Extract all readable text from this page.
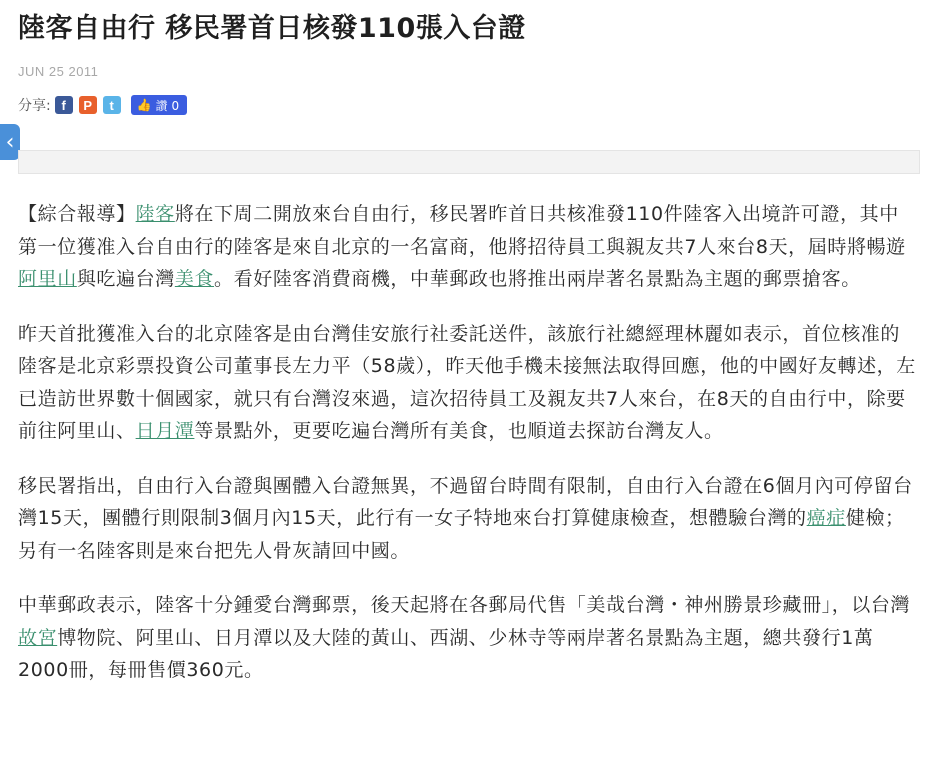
陸客自由行 移民署首日核發110張入台證
JUN 25 2011
分享: f	P	t	👍 讚 0
‹

【綜合報導】陸客將在下周二開放來台自由行，移民署昨首日共核准發110件陸客入出境許可證，其中第一位獲准入台自由行的陸客是來自北京的一名富商，他將招待員工與親友共7人來台8天，屆時將暢遊阿里山與吃遍台灣美食。看好陸客消費商機，中華郵政也將推出兩岸著名景點為主題的郵票搶客。

昨天首批獲准入台的北京陸客是由台灣佳安旅行社委託送件，該旅行社總經理林麗如表示，首位核准的陸客是北京彩票投資公司董事長左力平（58歲），昨天他手機未接無法取得回應，他的中國好友轉述，左已造訪世界數十個國家，就只有台灣沒來過，這次招待員工及親友共7人來台，在8天的自由行中，除要前往阿里山、日月潭等景點外，更要吃遍台灣所有美食，也順道去探訪台灣友人。

移民署指出，自由行入台證與團體入台證無異，不過留台時間有限制，自由行入台證在6個月內可停留台灣15天，團體行則限制3個月內15天，此行有一女子特地來台打算健康檢查，想體驗台灣的癌症健檢；另有一名陸客則是來台把先人骨灰請回中國。

中華郵政表示，陸客十分鍾愛台灣郵票，後天起將在各郵局代售「美哉台灣・神州勝景珍藏冊」，以台灣故宮博物院、阿里山、日月潭以及大陸的黃山、西湖、少林寺等兩岸著名景點為主題，總共發行1萬2000冊，每冊售價360元。
